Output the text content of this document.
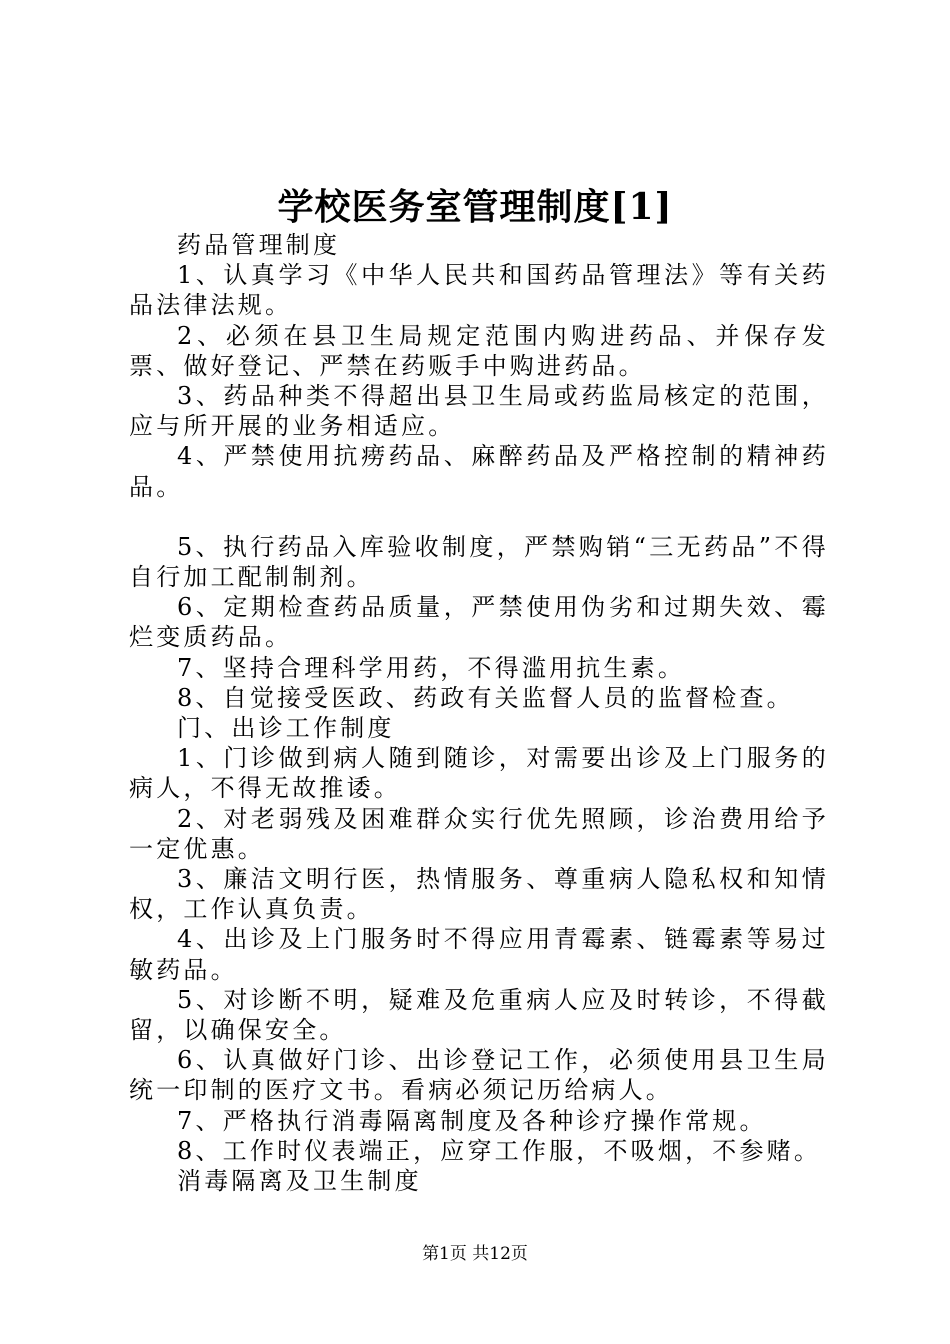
学校医务室管理制度[1]

药品管理制度

1、认真学习《中华人民共和国药品管理法》等有关药品法律法规。

2、必须在县卫生局规定范围内购进药品、并保存发票、做好登记、严禁在药贩手中购进药品。

3、药品种类不得超出县卫生局或药监局核定的范围，应与所开展的业务相适应。

4、严禁使用抗痨药品、麻醉药品及严格控制的精神药品。

5、执行药品入库验收制度，严禁购销“三无药品”不得自行加工配制制剂。

6、定期检查药品质量，严禁使用伪劣和过期失效、霉烂变质药品。

7、坚持合理科学用药，不得滥用抗生素。

8、自觉接受医政、药政有关监督人员的监督检查。

门、出诊工作制度

1、门诊做到病人随到随诊，对需要出诊及上门服务的病人，不得无故推诿。

2、对老弱残及困难群众实行优先照顾，诊治费用给予一定优惠。

3、廉洁文明行医，热情服务、尊重病人隐私权和知情权，工作认真负责。

4、出诊及上门服务时不得应用青霉素、链霉素等易过敏药品。

5、对诊断不明，疑难及危重病人应及时转诊，不得截留，以确保安全。

6、认真做好门诊、出诊登记工作，必须使用县卫生局统一印制的医疗文书。看病必须记历给病人。

7、严格执行消毒隔离制度及各种诊疗操作常规。

8、工作时仪表端正，应穿工作服，不吸烟，不参赌。

消毒隔离及卫生制度

第1页 共12页
